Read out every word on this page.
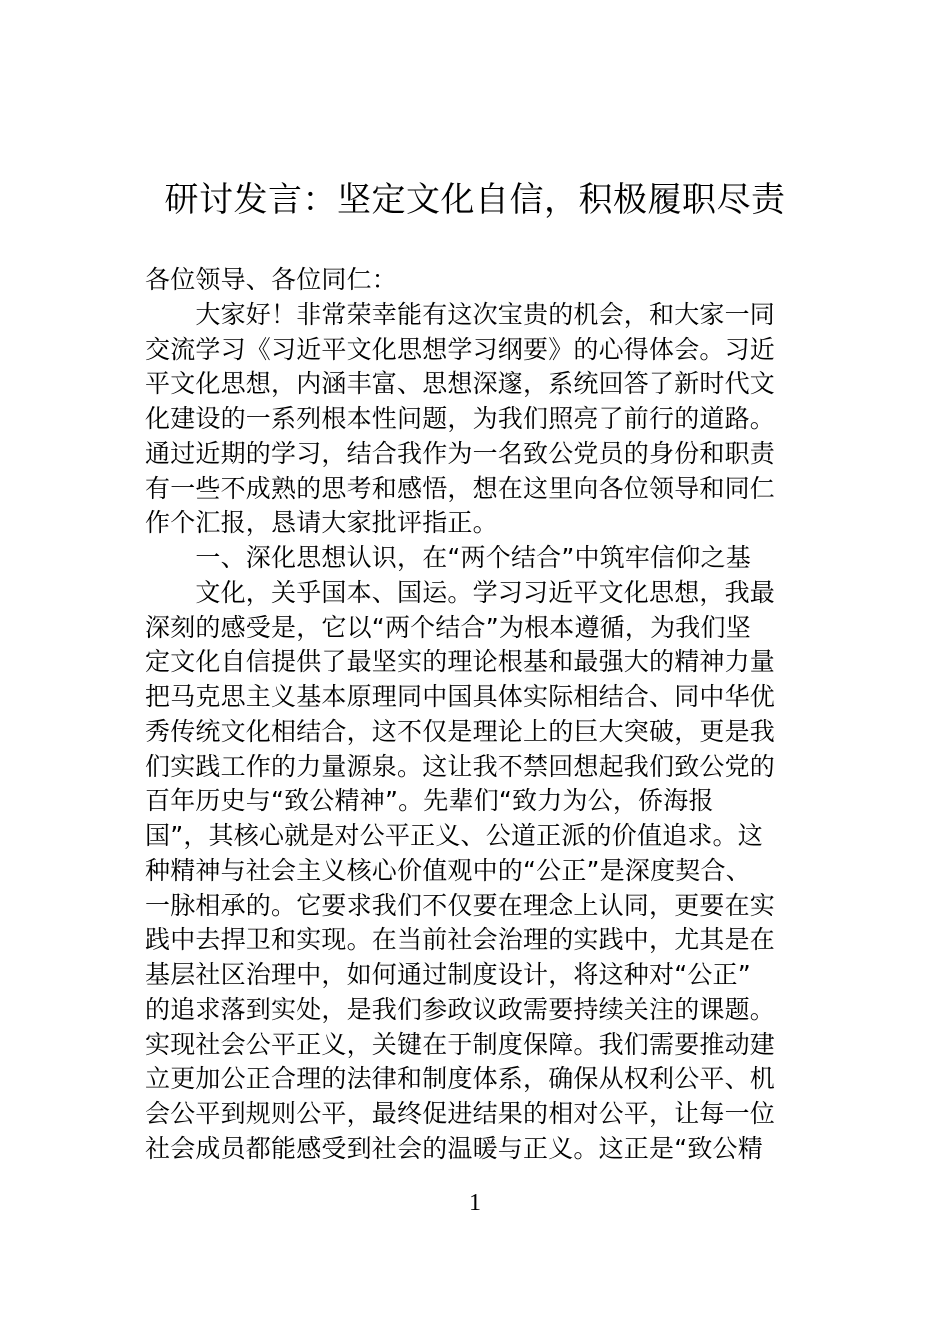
研讨发言：坚定文化自信，积极履职尽责
各位领导、各位同仁：
　　大家好！非常荣幸能有这次宝贵的机会，和大家一同
交流学习《习近平文化思想学习纲要》的心得体会。习近
平文化思想，内涵丰富、思想深邃，系统回答了新时代文
化建设的一系列根本性问题，为我们照亮了前行的道路。
通过近期的学习，结合我作为一名致公党员的身份和职责
有一些不成熟的思考和感悟，想在这里向各位领导和同仁
作个汇报，恳请大家批评指正。
　　一、深化思想认识，在“两个结合”中筑牢信仰之基
　　文化，关乎国本、国运。学习习近平文化思想，我最
深刻的感受是，它以“两个结合”为根本遵循，为我们坚
定文化自信提供了最坚实的理论根基和最强大的精神力量
把马克思主义基本原理同中国具体实际相结合、同中华优
秀传统文化相结合，这不仅是理论上的巨大突破，更是我
们实践工作的力量源泉。这让我不禁回想起我们致公党的
百年历史与“致公精神”。先辈们“致力为公，侨海报
国”，其核心就是对公平正义、公道正派的价值追求。这
种精神与社会主义核心价值观中的“公正”是深度契合、
一脉相承的。它要求我们不仅要在理念上认同，更要在实
践中去捍卫和实现。在当前社会治理的实践中，尤其是在
基层社区治理中，如何通过制度设计，将这种对“公正”
的追求落到实处，是我们参政议政需要持续关注的课题。
实现社会公平正义，关键在于制度保障。我们需要推动建
立更加公正合理的法律和制度体系，确保从权利公平、机
会公平到规则公平，最终促进结果的相对公平，让每一位
社会成员都能感受到社会的温暖与正义。这正是“致公精
1
